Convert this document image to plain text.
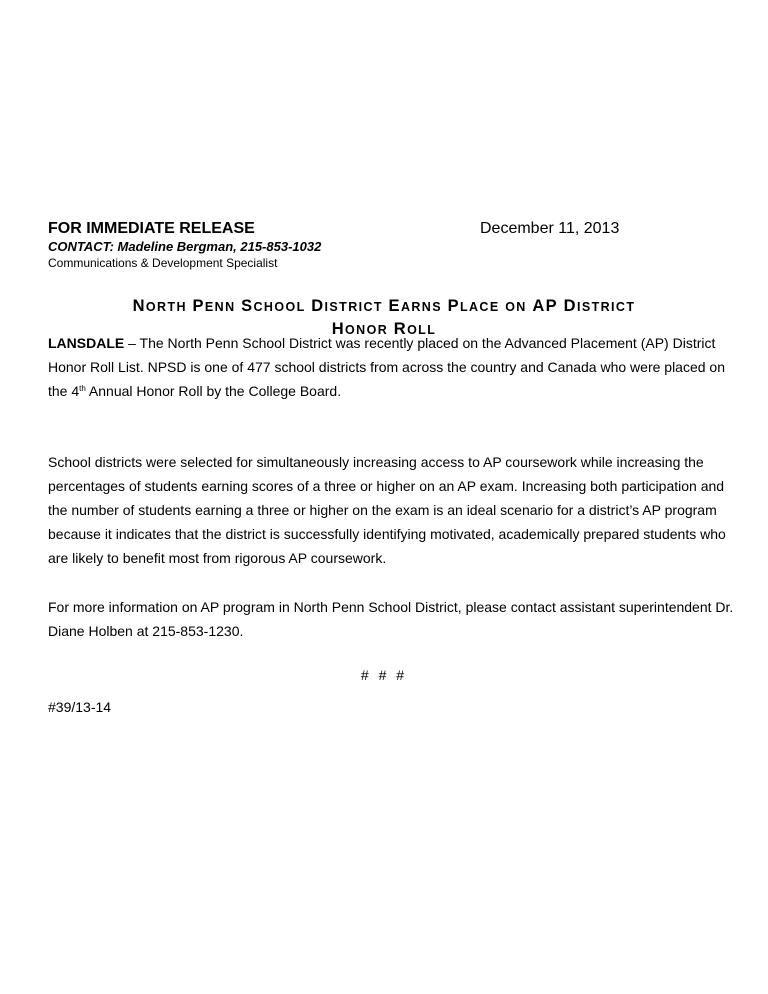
FOR IMMEDIATE RELEASE	December 11, 2013
CONTACT: Madeline Bergman, 215-853-1032
Communications & Development Specialist
NORTH PENN SCHOOL DISTRICT EARNS PLACE ON AP DISTRICT
HONOR ROLL
LANSDALE – The North Penn School District was recently placed on the Advanced Placement (AP) District Honor Roll List. NPSD is one of 477 school districts from across the country and Canada who were placed on the 4th Annual Honor Roll by the College Board.
School districts were selected for simultaneously increasing access to AP coursework while increasing the percentages of students earning scores of a three or higher on an AP exam. Increasing both participation and the number of students earning a three or higher on the exam is an ideal scenario for a district’s AP program because it indicates that the district is successfully identifying motivated, academically prepared students who are likely to benefit most from rigorous AP coursework.
For more information on AP program in North Penn School District, please contact assistant superintendent Dr. Diane Holben at 215-853-1230.
# # #
#39/13-14
